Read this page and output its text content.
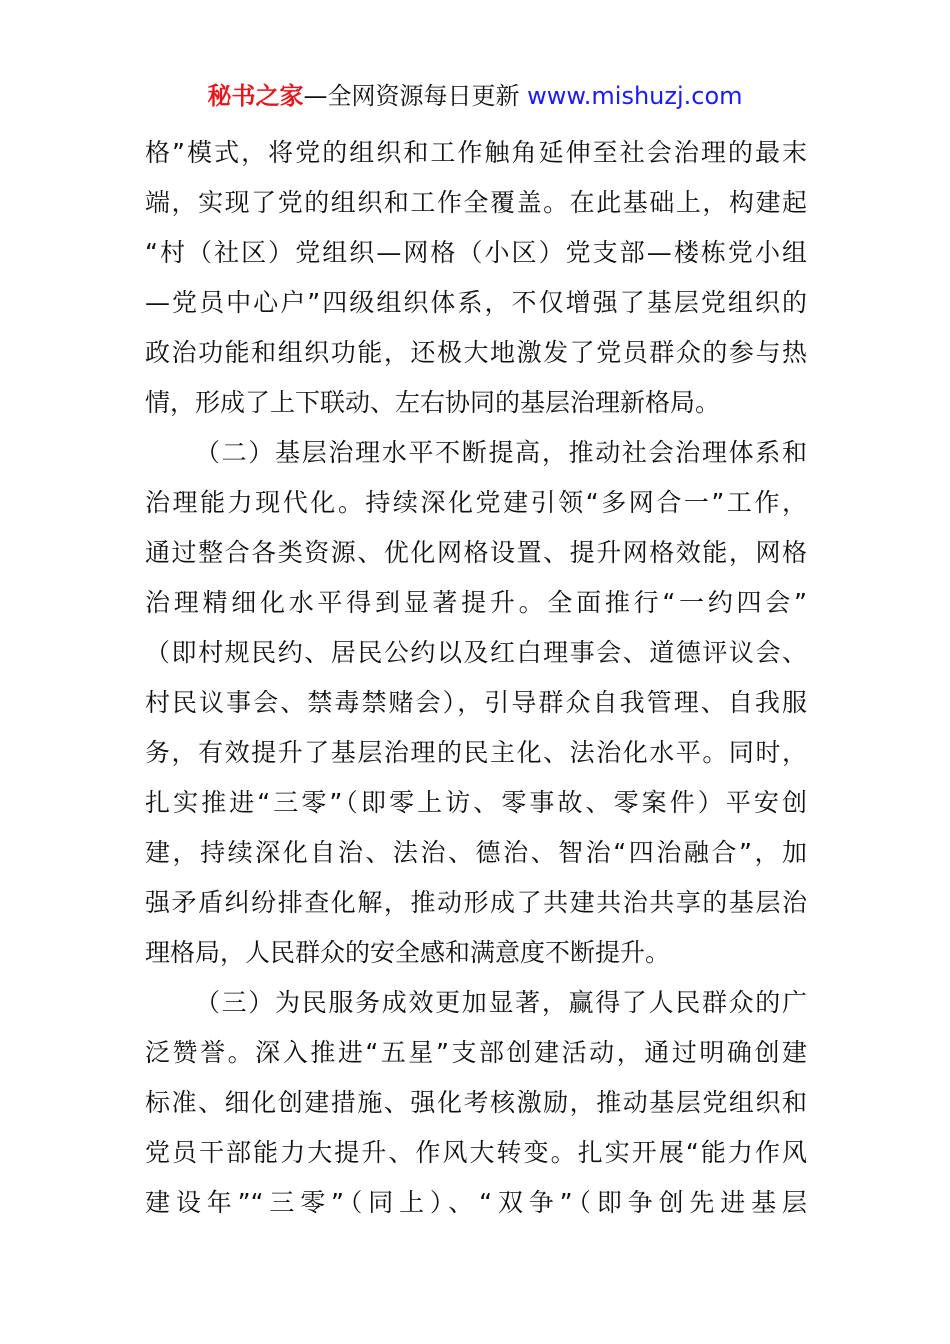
秘书之家—全网资源每日更新 www.mishuzj.com
格”模式，将党的组织和工作触角延伸至社会治理的最末
端，实现了党的组织和工作全覆盖。在此基础上，构建起
“村（社区）党组织—网格（小区）党支部—楼栋党小组
—党员中心户”四级组织体系，不仅增强了基层党组织的
政治功能和组织功能，还极大地激发了党员群众的参与热
情，形成了上下联动、左右协同的基层治理新格局。
（二）基层治理水平不断提高，推动社会治理体系和
治理能力现代化。持续深化党建引领“多网合一”工作，
通过整合各类资源、优化网格设置、提升网格效能，网格
治理精细化水平得到显著提升。全面推行“一约四会”
（即村规民约、居民公约以及红白理事会、道德评议会、
村民议事会、禁毒禁赌会），引导群众自我管理、自我服
务，有效提升了基层治理的民主化、法治化水平。同时，
扎实推进“三零”（即零上访、零事故、零案件）平安创
建，持续深化自治、法治、德治、智治“四治融合”，加
强矛盾纠纷排查化解，推动形成了共建共治共享的基层治
理格局，人民群众的安全感和满意度不断提升。
（三）为民服务成效更加显著，赢得了人民群众的广
泛赞誉。深入推进“五星”支部创建活动，通过明确创建
标准、细化创建措施、强化考核激励，推动基层党组织和
党员干部能力大提升、作风大转变。扎实开展“能力作风
建设年”“三零”（同上）、“双争”（即争创先进基层
